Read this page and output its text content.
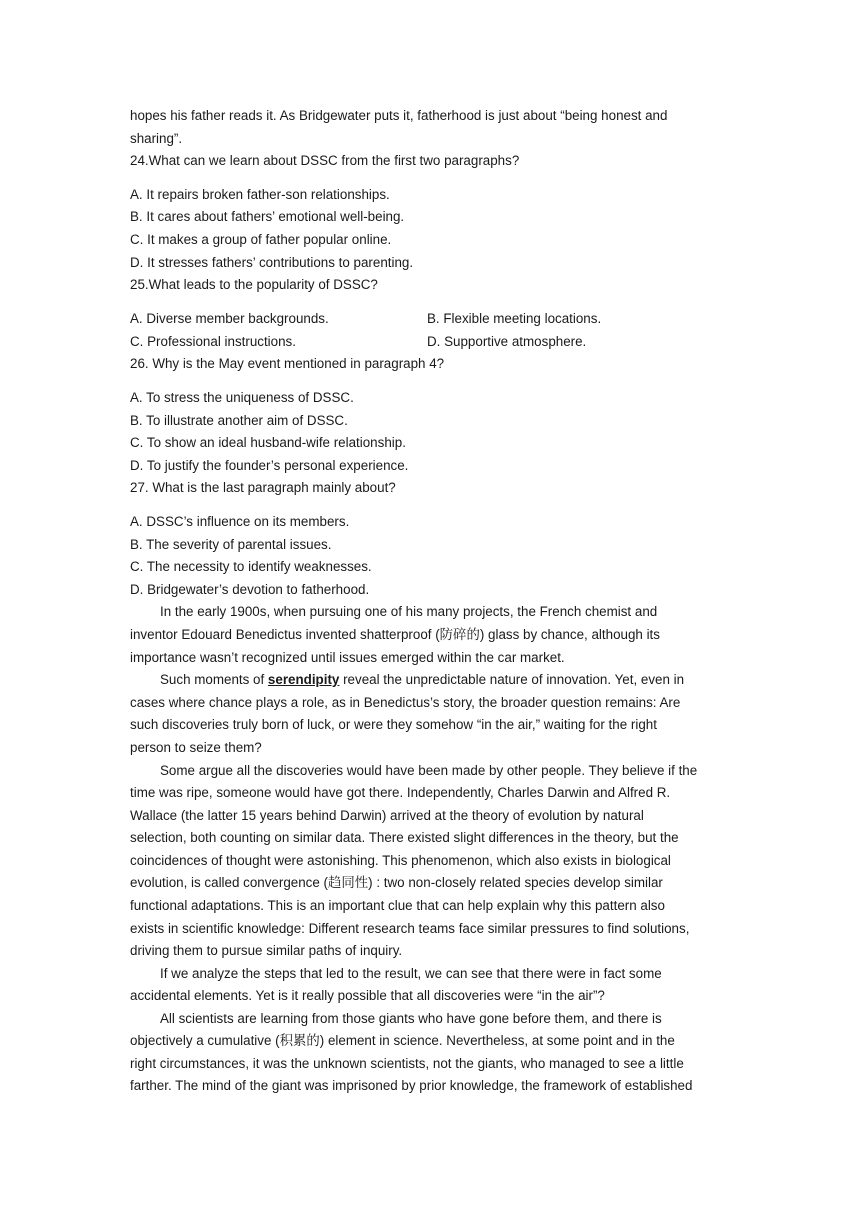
hopes his father reads it. As Bridgewater puts it, fatherhood is just about “being honest and
sharing”.
24.What can we learn about DSSC from the first two paragraphs?
A. It repairs broken father-son relationships.
B. It cares about fathers’ emotional well-being.
C. It makes a group of father popular online.
D. It stresses fathers’ contributions to parenting.
25.What leads to the popularity of DSSC?
A. Diverse member backgrounds.	B. Flexible meeting locations.
C. Professional instructions.	D. Supportive atmosphere.
26. Why is the May event mentioned in paragraph 4?
A. To stress the uniqueness of DSSC.
B. To illustrate another aim of DSSC.
C. To show an ideal husband-wife relationship.
D. To justify the founder’s personal experience.
27. What is the last paragraph mainly about?
A. DSSC’s influence on its members.
B. The severity of parental issues.
C. The necessity to identify weaknesses.
D. Bridgewater’s devotion to fatherhood.
In the early 1900s, when pursuing one of his many projects, the French chemist and
inventor Edouard Benedictus invented shatterproof (防碎的) glass by chance, although its
importance wasn’t recognized until issues emerged within the car market.
Such moments of serendipity reveal the unpredictable nature of innovation. Yet, even in
cases where chance plays a role, as in Benedictus’s story, the broader question remains: Are
such discoveries truly born of luck, or were they somehow “in the air,” waiting for the right
person to seize them?
Some argue all the discoveries would have been made by other people. They believe if the
time was ripe, someone would have got there. Independently, Charles Darwin and Alfred R.
Wallace (the latter 15 years behind Darwin) arrived at the theory of evolution by natural
selection, both counting on similar data. There existed slight differences in the theory, but the
coincidences of thought were astonishing. This phenomenon, which also exists in biological
evolution, is called convergence (趋同性) : two non-closely related species develop similar
functional adaptations. This is an important clue that can help explain why this pattern also
exists in scientific knowledge: Different research teams face similar pressures to find solutions,
driving them to pursue similar paths of inquiry.
If we analyze the steps that led to the result, we can see that there were in fact some
accidental elements. Yet is it really possible that all discoveries were “in the air”?
All scientists are learning from those giants who have gone before them, and there is
objectively a cumulative (积累的) element in science. Nevertheless, at some point and in the
right circumstances, it was the unknown scientists, not the giants, who managed to see a little
farther. The mind of the giant was imprisoned by prior knowledge, the framework of established
